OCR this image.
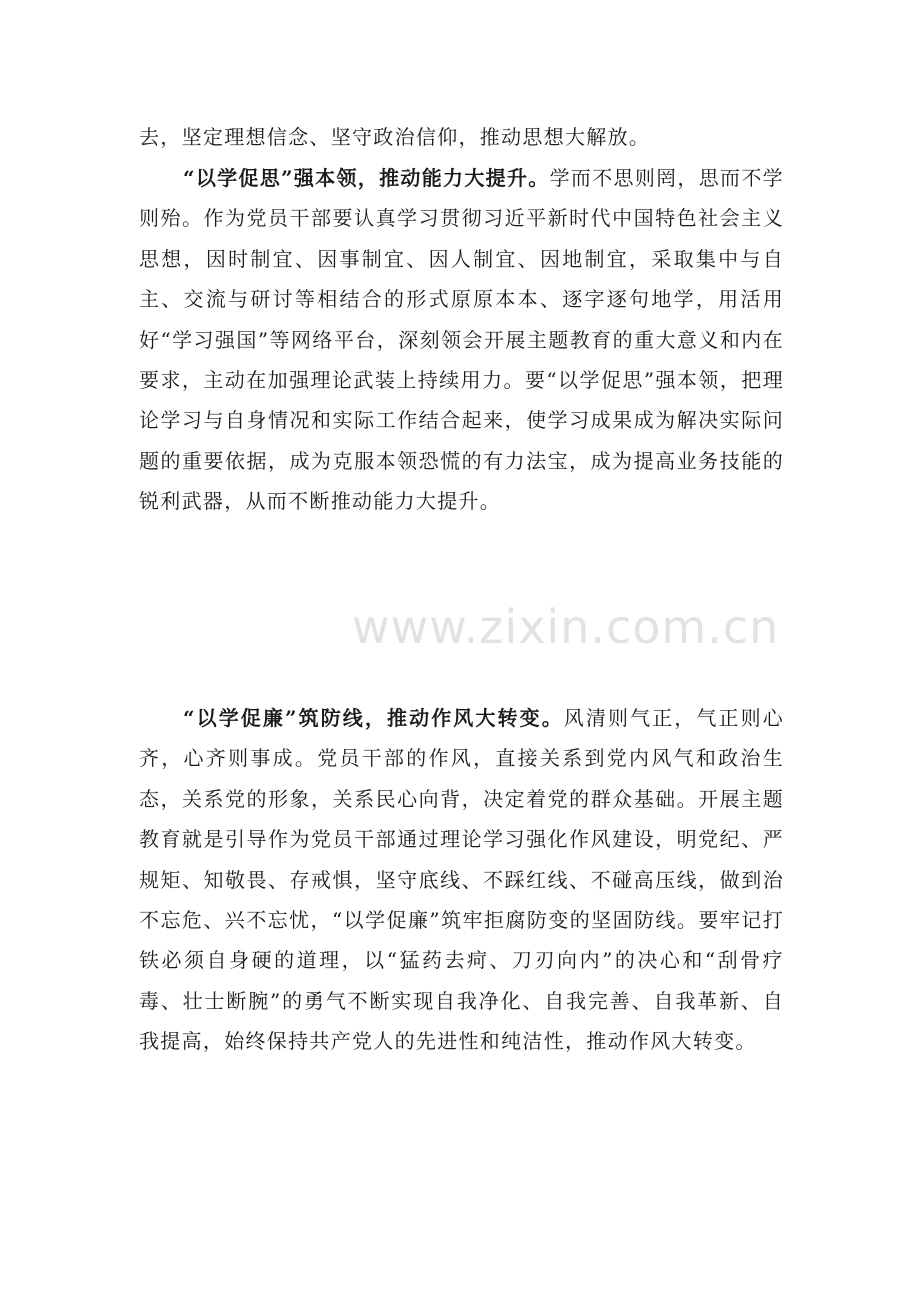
去，坚定理想信念、坚守政治信仰，推动思想大解放。
“以学促思”强本领，推动能力大提升。学而不思则罔，思而不学则殆。作为党员干部要认真学习贯彻习近平新时代中国特色社会主义思想，因时制宜、因事制宜、因人制宜、因地制宜，采取集中与自主、交流与研讨等相结合的形式原原本本、逐字逐句地学，用活用好“学习强国”等网络平台，深刻领会开展主题教育的重大意义和内在要求，主动在加强理论武装上持续用力。要“以学促思”强本领，把理论学习与自身情况和实际工作结合起来，使学习成果成为解决实际问题的重要依据，成为克服本领恐慌的有力法宝，成为提高业务技能的锐利武器，从而不断推动能力大提升。
“以学促廉”筑防线，推动作风大转变。风清则气正，气正则心齐，心齐则事成。党员干部的作风，直接关系到党内风气和政治生态，关系党的形象，关系民心向背，决定着党的群众基础。开展主题教育就是引导作为党员干部通过理论学习强化作风建设，明党纪、严规矩、知敬畏、存戒惧，坚守底线、不踩红线、不碰高压线，做到治不忘危、兴不忘忧，“以学促廉”筑牢拒腐防变的坚固防线。要牢记打铁必须自身硬的道理，以“猛药去疴、刀刃向内”的决心和“刮骨疗毒、壮士断腕”的勇气不断实现自我净化、自我完善、自我革新、自我提高，始终保持共产党人的先进性和纯洁性，推动作风大转变。
www.zixin.com.cn
